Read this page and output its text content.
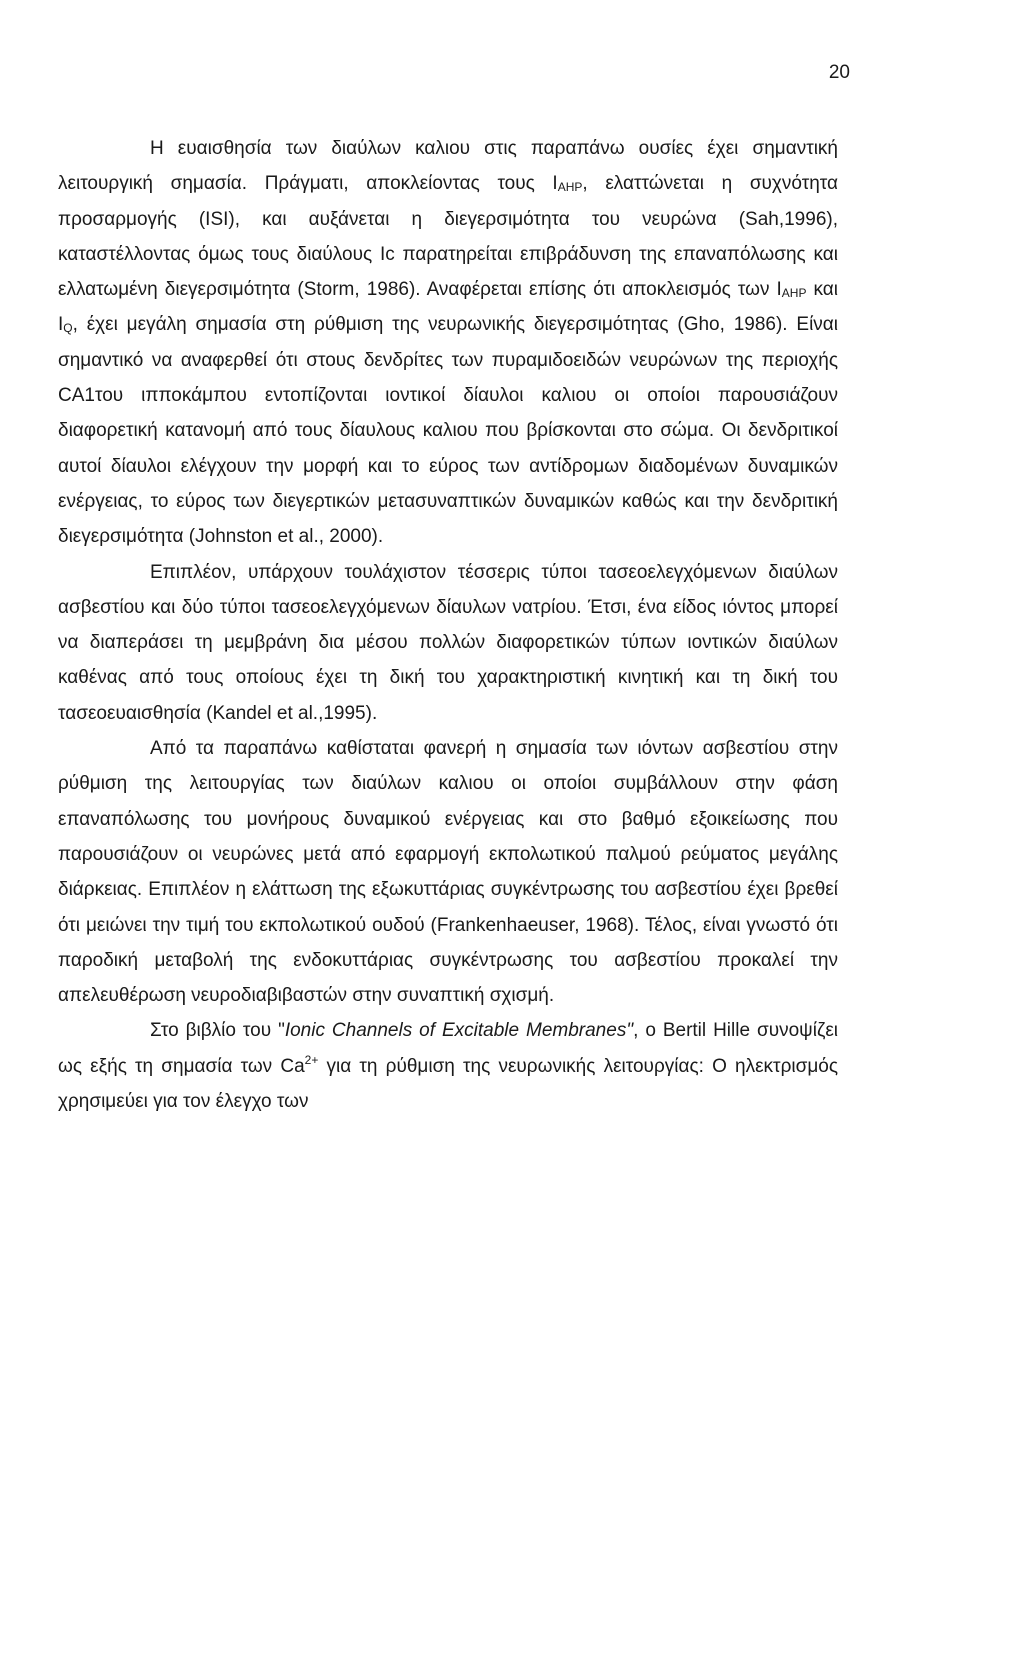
20

Η ευαισθησία των διαύλων καλιου στις παραπάνω ουσίες έχει σημαντική λειτουργική σημασία. Πράγματι, αποκλείοντας τους $I_{AHP}$, ελαττώνεται η συχνότητα προσαρμογής (ISI), και αυξάνεται η διεγερσιμότητα του νευρώνα (Sah,1996), καταστέλλοντας όμως τους διαύλους Ic παρατηρείται επιβράδυνση της επαναπόλωσης και ελλατωμένη διεγερσιμότητα (Storm, 1986). Αναφέρεται επίσης ότι αποκλεισμός των $I_{AHP}$ και $I_Q$, έχει μεγάλη σημασία στη ρύθμιση της νευρωνικής διεγερσιμότητας (Gho, 1986). Είναι σημαντικό να αναφερθεί ότι στους δενδρίτες των πυραμιδοειδών νευρώνων της περιοχής CA1του ιπποκάμπου εντοπίζονται ιοντικοί δίαυλοι καλιου οι οποίοι παρουσιάζουν διαφορετική κατανομή από τους δίαυλους καλιου που βρίσκονται στο σώμα. Οι δενδριτικοί αυτοί δίαυλοι ελέγχουν την μορφή και το εύρος των αντίδρομων διαδομένων δυναμικών ενέργειας, το εύρος των διεγερτικών μετασυναπτικών δυναμικών καθώς και την δενδριτική διεγερσιμότητα (Johnston et al., 2000).

Επιπλέον, υπάρχουν τουλάχιστον τέσσερις τύποι τασεοελεγχόμενων διαύλων ασβεστίου και δύο τύποι τασεοελεγχόμενων δίαυλων νατρίου. Έτσι, ένα είδος ιόντος μπορεί να διαπεράσει τη μεμβράνη δια μέσου πολλών διαφορετικών τύπων ιοντικών διαύλων καθένας από τους οποίους έχει τη δική του χαρακτηριστική κινητική και τη δική του τασεοευαισθησία (Kandel et al.,1995).

Από τα παραπάνω καθίσταται φανερή η σημασία των ιόντων ασβεστίου στην ρύθμιση της λειτουργίας των διαύλων καλιου οι οποίοι συμβάλλουν στην φάση επαναπόλωσης του μονήρους δυναμικού ενέργειας και στο βαθμό εξοικείωσης που παρουσιάζουν οι νευρώνες μετά από εφαρμογή εκπολωτικού παλμού ρεύματος μεγάλης διάρκειας. Επιπλέον η ελάττωση της εξωκυττάριας συγκέντρωσης του ασβεστίου έχει βρεθεί ότι μειώνει την τιμή του εκπολωτικού ουδού (Frankenhaeuser, 1968). Τέλος, είναι γνωστό ότι παροδική μεταβολή της ενδοκυττάριας συγκέντρωσης του ασβεστίου προκαλεί την απελευθέρωση νευροδιαβιβαστών στην συναπτική σχισμή.

Στο βιβλίο του "Ionic Channels of Excitable Membranes", o Bertil Hille συνοψίζει ως εξής τη σημασία των $Ca^{2+}$ για τη ρύθμιση της νευρωνικής λειτουργίας: Ο ηλεκτρισμός χρησιμεύει για τον έλεγχο των
